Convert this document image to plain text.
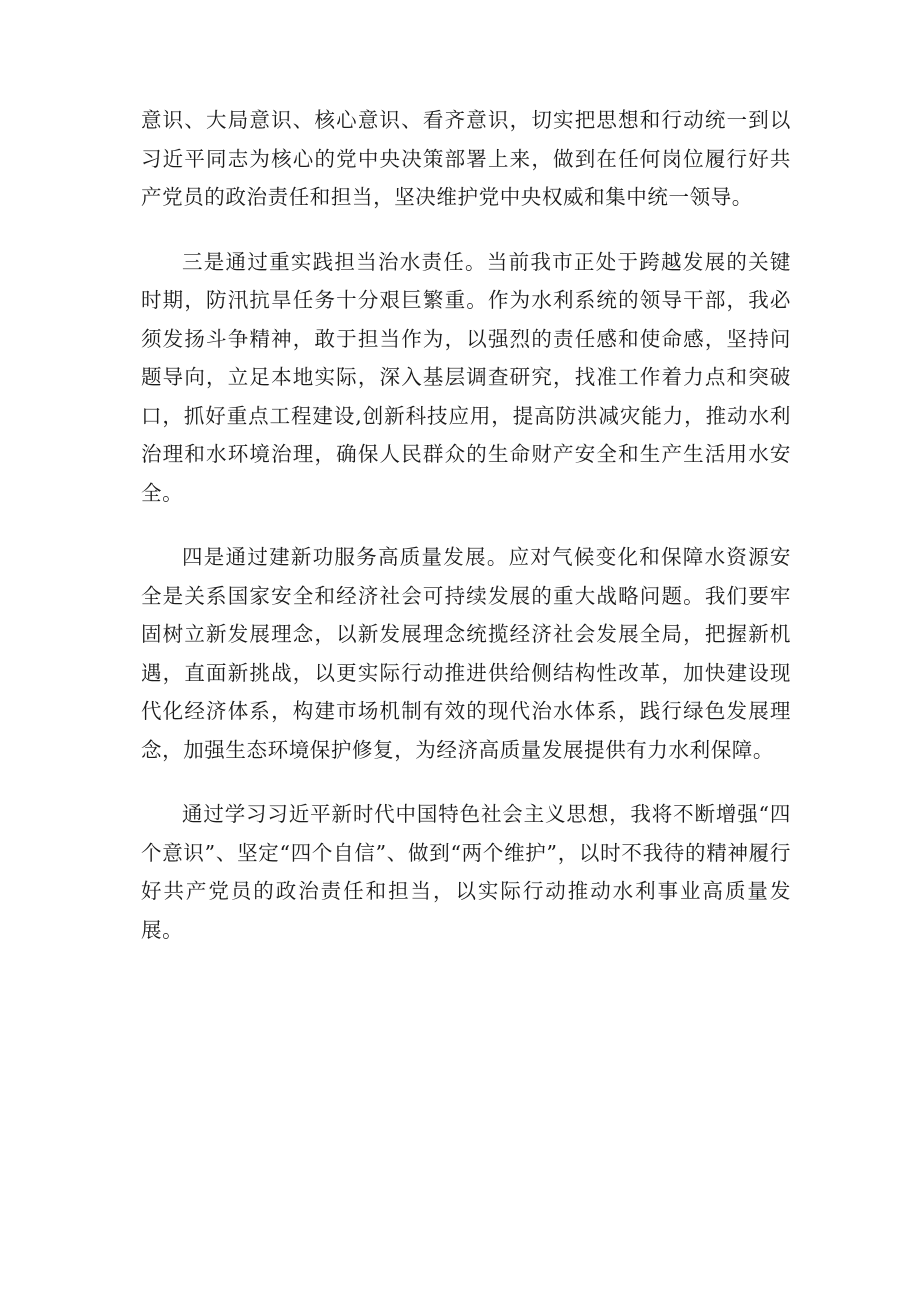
意识、大局意识、核心意识、看齐意识，切实把思想和行动统一到以习近平同志为核心的党中央决策部署上来，做到在任何岗位履行好共产党员的政治责任和担当，坚决维护党中央权威和集中统一领导。

三是通过重实践担当治水责任。当前我市正处于跨越发展的关键时期，防汛抗旱任务十分艰巨繁重。作为水利系统的领导干部，我必须发扬斗争精神，敢于担当作为，以强烈的责任感和使命感，坚持问题导向，立足本地实际，深入基层调查研究，找准工作着力点和突破口，抓好重点工程建设,创新科技应用，提高防洪减灾能力，推动水利治理和水环境治理，确保人民群众的生命财产安全和生产生活用水安全。

四是通过建新功服务高质量发展。应对气候变化和保障水资源安全是关系国家安全和经济社会可持续发展的重大战略问题。我们要牢固树立新发展理念，以新发展理念统揽经济社会发展全局，把握新机遇，直面新挑战，以更实际行动推进供给侧结构性改革，加快建设现代化经济体系，构建市场机制有效的现代治水体系，践行绿色发展理念，加强生态环境保护修复，为经济高质量发展提供有力水利保障。

通过学习习近平新时代中国特色社会主义思想，我将不断增强“四个意识”、坚定“四个自信”、做到“两个维护”，以时不我待的精神履行好共产党员的政治责任和担当，以实际行动推动水利事业高质量发展。
